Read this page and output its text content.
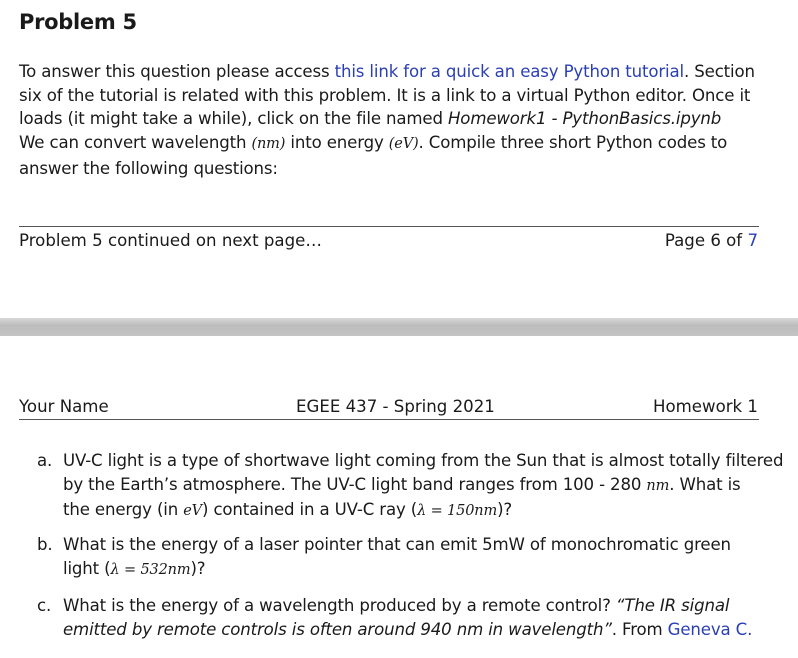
Problem 5
To answer this question please access this link for a quick an easy Python tutorial. Section
six of the tutorial is related with this problem. It is a link to a virtual Python editor. Once it
loads (it might take a while), click on the file named Homework1 - PythonBasics.ipynb
We can convert wavelength (nm) into energy (eV). Compile three short Python codes to
answer the following questions:
Problem 5 continued on next page…	Page 6 of 7
Your Name	EGEE 437 - Spring 2021	Homework 1
a. UV-C light is a type of shortwave light coming from the Sun that is almost totally filtered
by the Earth’s atmosphere. The UV-C light band ranges from 100 - 280 nm. What is
the energy (in eV) contained in a UV-C ray (λ = 150nm)?
b. What is the energy of a laser pointer that can emit 5mW of monochromatic green
light (λ = 532nm)?
c. What is the energy of a wavelength produced by a remote control? “The IR signal
emitted by remote controls is often around 940 nm in wavelength”. From Geneva C.
